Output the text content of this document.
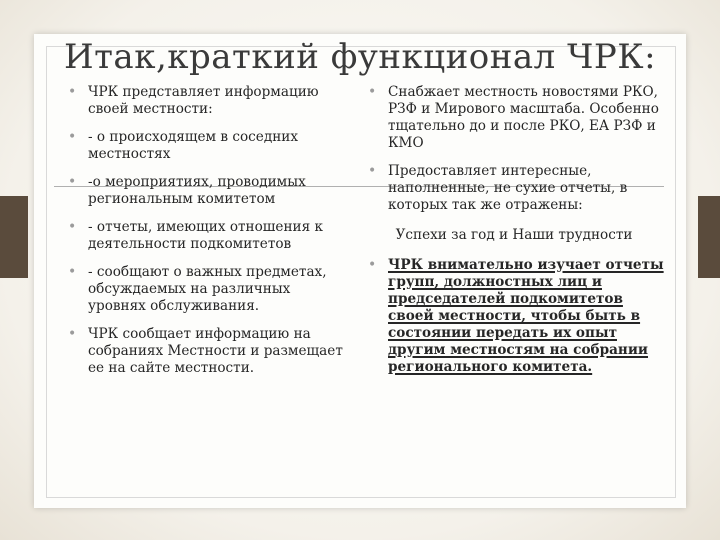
Итак,краткий функционал ЧРК:
• ЧРК представляет информацию своей местности:
• - о происходящем в соседних местностях
• -о мероприятиях, проводимых региональным комитетом
• - отчеты, имеющих отношения к деятельности подкомитетов
• - сообщают о важных предметах, обсуждаемых на различных уровнях обслуживания.
• ЧРК сообщает информацию на собраниях Местности и размещает ее на сайте местности.
• Снабжает местность новостями РКО, РЗФ и Мирового масштаба. Особенно тщательно до и после РКО, ЕА РЗФ и КМО
• Предоставляет интересные, наполненные, не сухие отчеты, в которых так же отражены:
Успехи за год и Наши трудности
• ЧРК внимательно изучает отчеты групп, должностных лиц и председателей подкомитетов своей местности, чтобы быть в состоянии передать их опыт другим местностям на собрании регионального комитета.
